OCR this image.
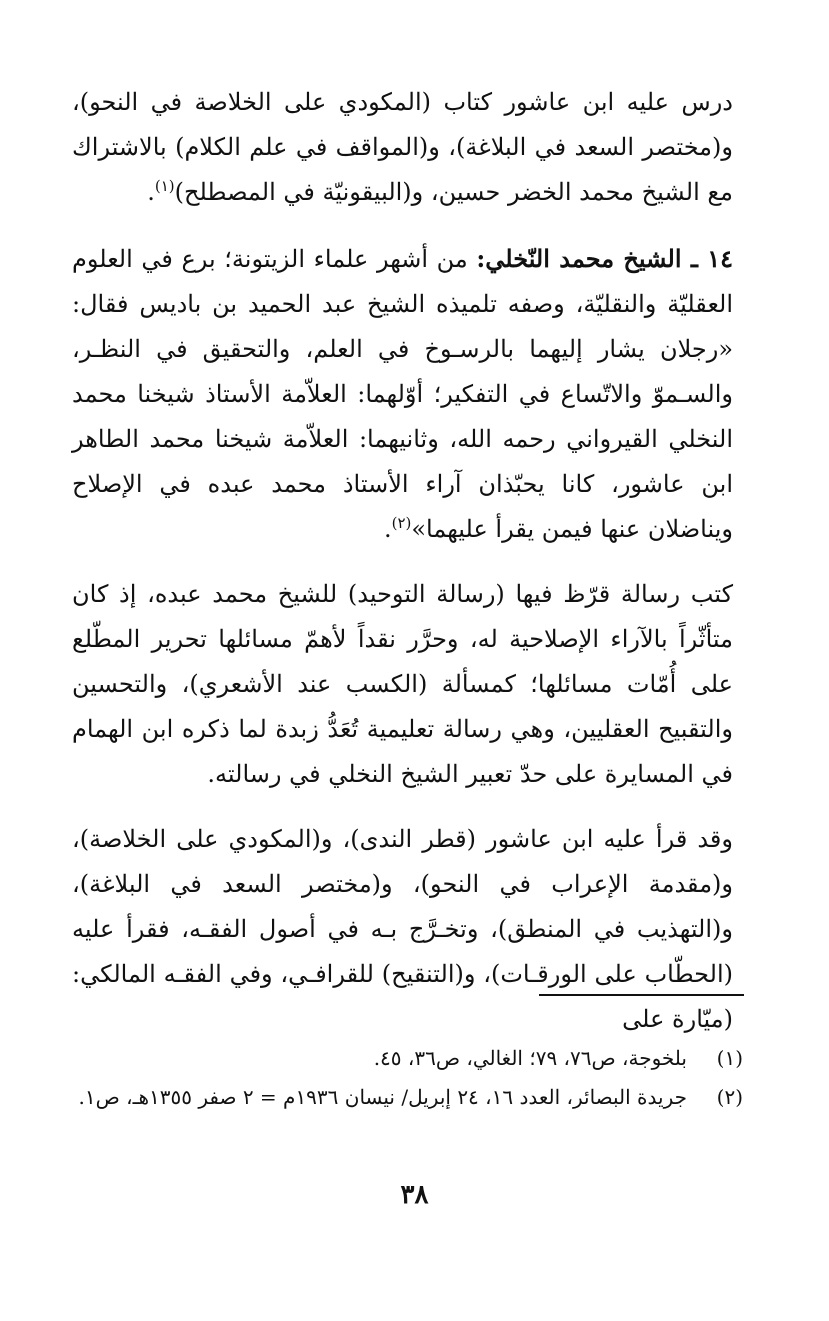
درس عليه ابن عاشور كتاب (المكودي على الخلاصة في النحو)، و(مختصر السعد في البلاغة)، و(المواقف في علم الكلام) بالاشتراك مع الشيخ محمد الخضر حسين، و(البيقونيّة في المصطلح)$^{(١)}$.

١٤ ـ الشيخ محمد النّخلي: من أشهر علماء الزيتونة؛ برع في العلوم العقليّة والنقليّة، وصفه تلميذه الشيخ عبد الحميد بن باديس فقال: «رجلان يشار إليهما بالرسـوخ في العلم، والتحقيق في النظـر، والسـموّ والاتّساع في التفكير؛ أوّلهما: العلاّمة الأستاذ شيخنا محمد النخلي القيرواني رحمه الله، وثانيهما: العلاّمة شيخنا محمد الطاهر ابن عاشور، كانا يحبّذان آراء الأستاذ محمد عبده في الإصلاح ويناضلان عنها فيمن يقرأ عليهما»$^{(٢)}$.

كتب رسالة قرّظ فيها (رسالة التوحيد) للشيخ محمد عبده، إذ كان متأثّراً بالآراء الإصلاحية له، وحرَّر نقداً لأهمّ مسائلها تحرير المطّلع على أُمّات مسائلها؛ كمسألة (الكسب عند الأشعري)، والتحسين والتقبيح العقليين، وهي رسالة تعليمية تُعَدُّ زبدة لما ذكره ابن الهمام في المسايرة على حدّ تعبير الشيخ النخلي في رسالته.

وقد قرأ عليه ابن عاشور (قطر الندى)، و(المكودي على الخلاصة)، و(مقدمة الإعراب في النحو)، و(مختصر السعد في البلاغة)، و(التهذيب في المنطق)، وتخـرَّج بـه في أصول الفقـه، فقرأ عليه (الحطّاب على الورقـات)، و(التنقيح) للقرافـي، وفي الفقـه المالكي: (ميّارة على

(١)
بلخوجة، ص٧٦، ٧٩؛ الغالي، ص٣٦، ٤٥.

(٢)
جريدة البصائر، العدد ١٦، ٢٤ إبريل/ نيسان ١٩٣٦م = ٢ صفر ١٣٥٥هـ، ص١.

٣٨
